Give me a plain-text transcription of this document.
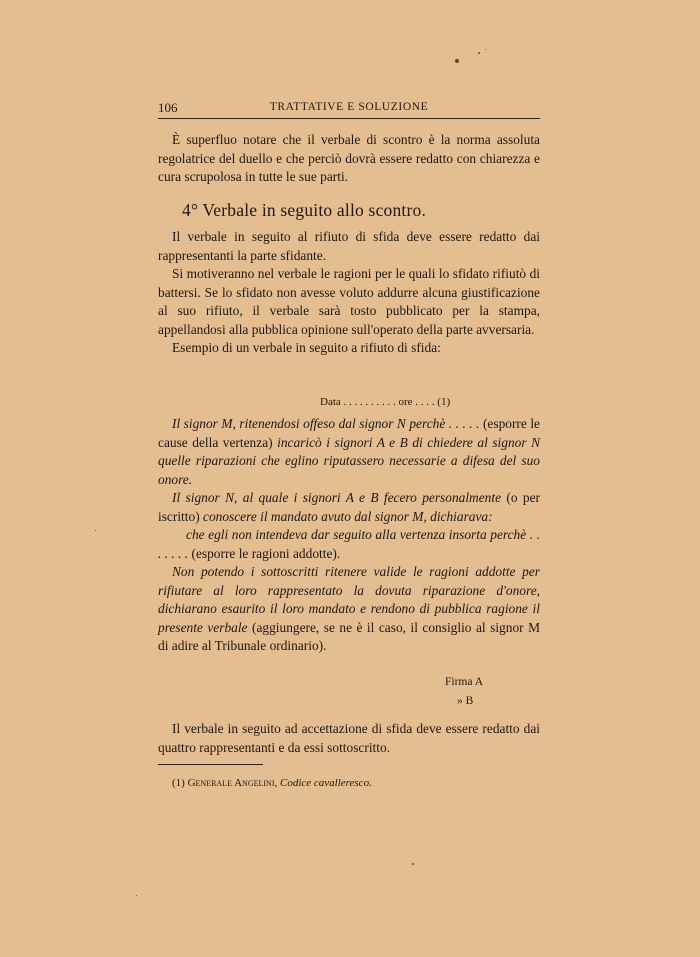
106	TRATTATIVE E SOLUZIONE

È superfluo notare che il verbale di scontro è la norma assoluta regolatrice del duello e che perciò dovrà essere redatto con chiarezza e cura scrupolosa in tutte le sue parti.

4° Verbale in seguito allo scontro.

Il verbale in seguito al rifiuto di sfida deve essere redatto dai rappresentanti la parte sfidante.

Si motiveranno nel verbale le ragioni per le quali lo sfidato rifiutò di battersi. Se lo sfidato non avesse voluto addurre alcuna giustificazione al suo rifiuto, il verbale sarà tosto pubblicato per la stampa, appellandosi alla pubblica opinione sull'operato della parte avversaria.

Esempio di un verbale in seguito a rifiuto di sfida:

Data . . . . . . . . . . ore . . . . (1)

Il signor M, ritenendosi offeso dal signor N perchè . . . . . (esporre le cause della vertenza) incaricò i signori A e B di chiedere al signor N quelle riparazioni che eglino riputassero necessarie a difesa del suo onore.

Il signor N, al quale i signori A e B fecero personalmente (o per iscritto) conoscere il mandato avuto dal signor M, dichiarava:

che egli non intendeva dar seguito alla vertenza insorta perchè . . . . . . . (esporre le ragioni addotte).

Non potendo i sottoscritti ritenere valide le ragioni addotte per rifiutare al loro rappresentato la dovuta riparazione d'onore, dichiarano esaurito il loro mandato e rendono di pubblica ragione il presente verbale (aggiungere, se ne è il caso, il consiglio al signor M di adire al Tribunale ordinario).

Firma A
» B

Il verbale in seguito ad accettazione di sfida deve essere redatto dai quattro rappresentanti e da essi sottoscritto.

(1) Generale Angelini, Codice cavalleresco.
